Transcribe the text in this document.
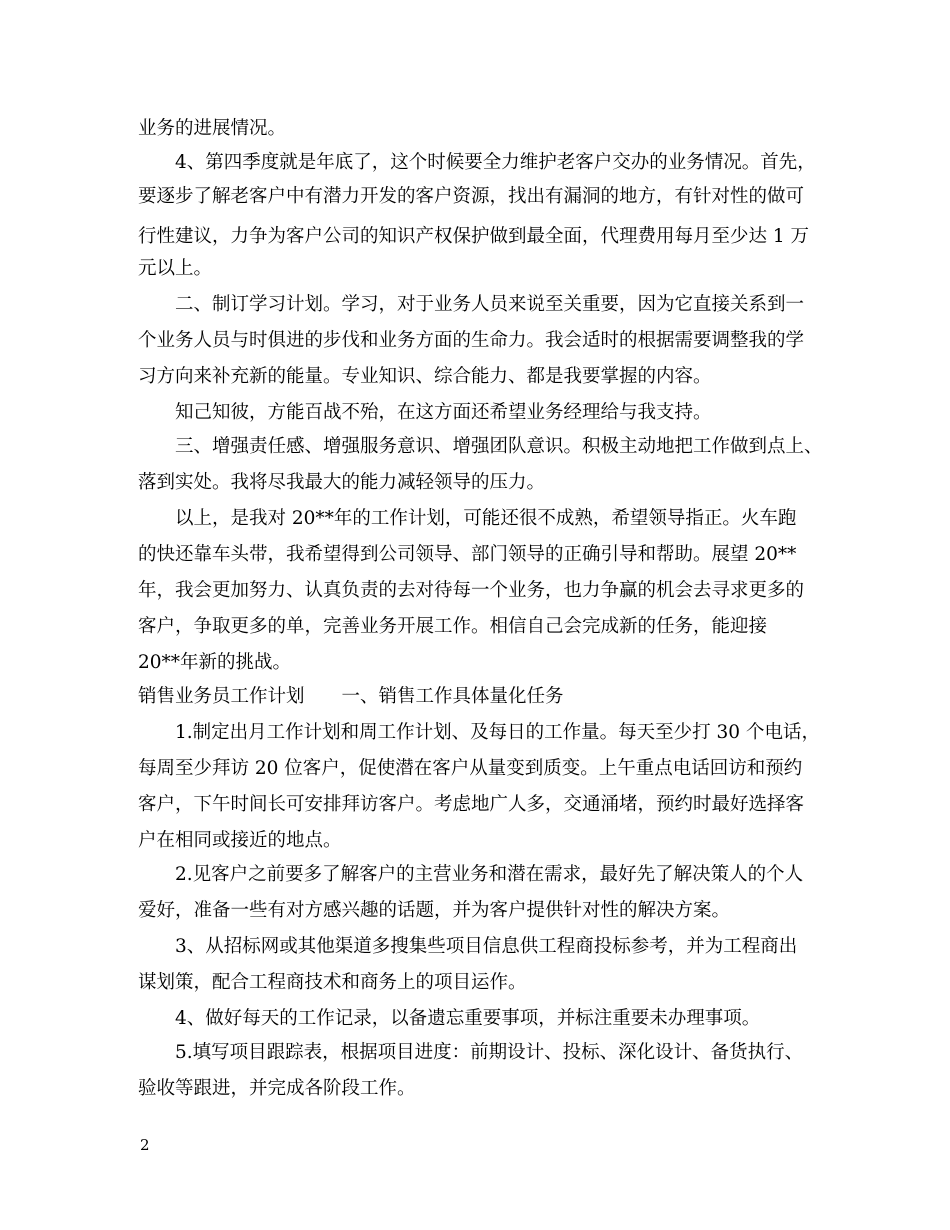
业务的进展情况。
4、第四季度就是年底了，这个时候要全力维护老客户交办的业务情况。首先，
要逐步了解老客户中有潜力开发的客户资源，找出有漏洞的地方，有针对性的做可
行性建议，力争为客户公司的知识产权保护做到最全面，代理费用每月至少达 1 万
元以上。
二、制订学习计划。学习，对于业务人员来说至关重要，因为它直接关系到一
个业务人员与时俱进的步伐和业务方面的生命力。我会适时的根据需要调整我的学
习方向来补充新的能量。专业知识、综合能力、都是我要掌握的内容。
知己知彼，方能百战不殆，在这方面还希望业务经理给与我支持。
三、增强责任感、增强服务意识、增强团队意识。积极主动地把工作做到点上、
落到实处。我将尽我最大的能力减轻领导的压力。
以上，是我对 20**年的工作计划，可能还很不成熟，希望领导指正。火车跑
的快还靠车头带，我希望得到公司领导、部门领导的正确引导和帮助。展望 20**
年，我会更加努力、认真负责的去对待每一个业务，也力争赢的机会去寻求更多的
客户，争取更多的单，完善业务开展工作。相信自己会完成新的任务，能迎接
20**年新的挑战。
销售业务员工作计划　　一、销售工作具体量化任务
1.制定出月工作计划和周工作计划、及每日的工作量。每天至少打 30 个电话，
每周至少拜访 20 位客户，促使潜在客户从量变到质变。上午重点电话回访和预约
客户，下午时间长可安排拜访客户。考虑地广人多，交通涌堵，预约时最好选择客
户在相同或接近的地点。
2.见客户之前要多了解客户的主营业务和潜在需求，最好先了解决策人的个人
爱好，准备一些有对方感兴趣的话题，并为客户提供针对性的解决方案。
3、从招标网或其他渠道多搜集些项目信息供工程商投标参考，并为工程商出
谋划策，配合工程商技术和商务上的项目运作。
4、做好每天的工作记录，以备遗忘重要事项，并标注重要未办理事项。
5.填写项目跟踪表，根据项目进度：前期设计、投标、深化设计、备货执行、
验收等跟进，并完成各阶段工作。
2
